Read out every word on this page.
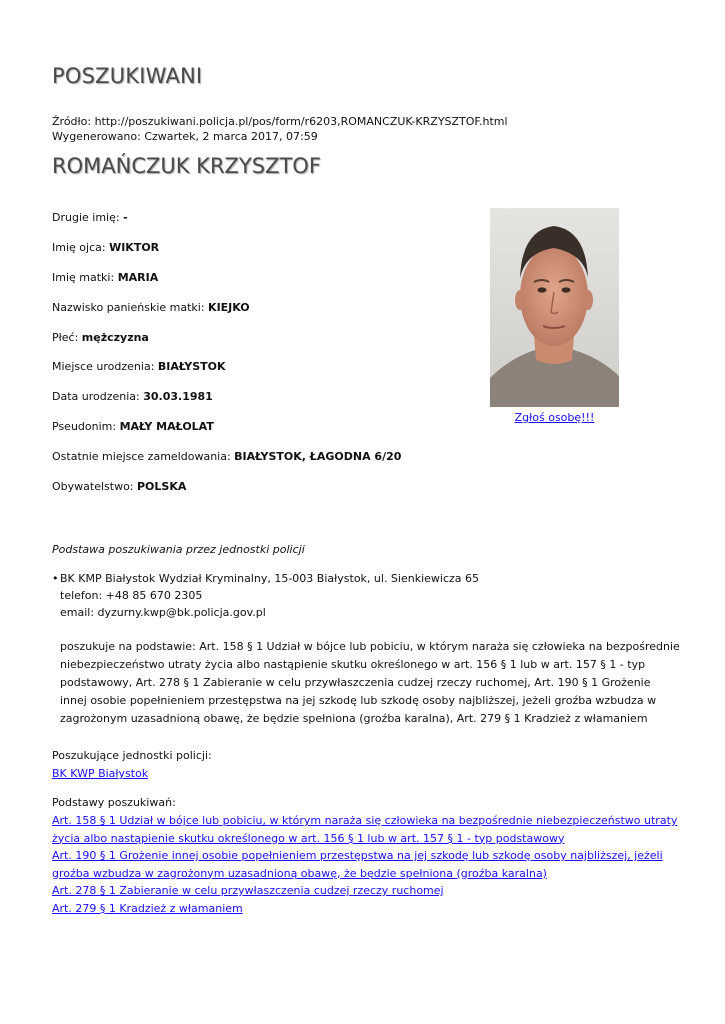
POSZUKIWANI
Źródło: http://poszukiwani.policja.pl/pos/form/r6203,ROMANCZUK-KRZYSZTOF.html
Wygenerowano: Czwartek, 2 marca 2017, 07:59
ROMAŃCZUK KRZYSZTOF
Drugie imię: -
Imię ojca: WIKTOR
Imię matki: MARIA
Nazwisko panieńskie matki: KIEJKO
Płeć: mężczyzna
Miejsce urodzenia: BIAŁYSTOK
Data urodzenia: 30.03.1981
Pseudonim: MAŁY MAŁOLAT
Ostatnie miejsce zameldowania: BIAŁYSTOK, ŁAGODNA 6/20
Obywatelstwo: POLSKA
Zgłoś osobę!!!
Podstawa poszukiwania przez jednostki policji
• BK KMP Białystok Wydział Kryminalny, 15-003 Białystok, ul. Sienkiewicza 65
telefon: +48 85 670 2305
email: dyzurny.kwp@bk.policja.gov.pl
poszukuje na podstawie: Art. 158 § 1 Udział w bójce lub pobiciu, w którym naraża się człowieka na bezpośrednie niebezpieczeństwo utraty życia albo nastąpienie skutku określonego w art. 156 § 1 lub w art. 157 § 1 - typ podstawowy, Art. 278 § 1 Zabieranie w celu przywłaszczenia cudzej rzeczy ruchomej, Art. 190 § 1 Grożenie innej osobie popełnieniem przestępstwa na jej szkodę lub szkodę osoby najbliższej, jeżeli groźba wzbudza w zagrożonym uzasadnioną obawę, że będzie spełniona (groźba karalna), Art. 279 § 1 Kradzież z włamaniem
Poszukujące jednostki policji:
BK KWP Białystok
Podstawy poszukiwań:
Art. 158 § 1 Udział w bójce lub pobiciu, w którym naraża się człowieka na bezpośrednie niebezpieczeństwo utraty życia albo nastąpienie skutku określonego w art. 156 § 1 lub w art. 157 § 1 - typ podstawowy
Art. 190 § 1 Grożenie innej osobie popełnieniem przestępstwa na jej szkodę lub szkodę osoby najbliższej, jeżeli groźba wzbudza w zagrożonym uzasadnioną obawę, że będzie spełniona (groźba karalna)
Art. 278 § 1 Zabieranie w celu przywłaszczenia cudzej rzeczy ruchomej
Art. 279 § 1 Kradzież z włamaniem
